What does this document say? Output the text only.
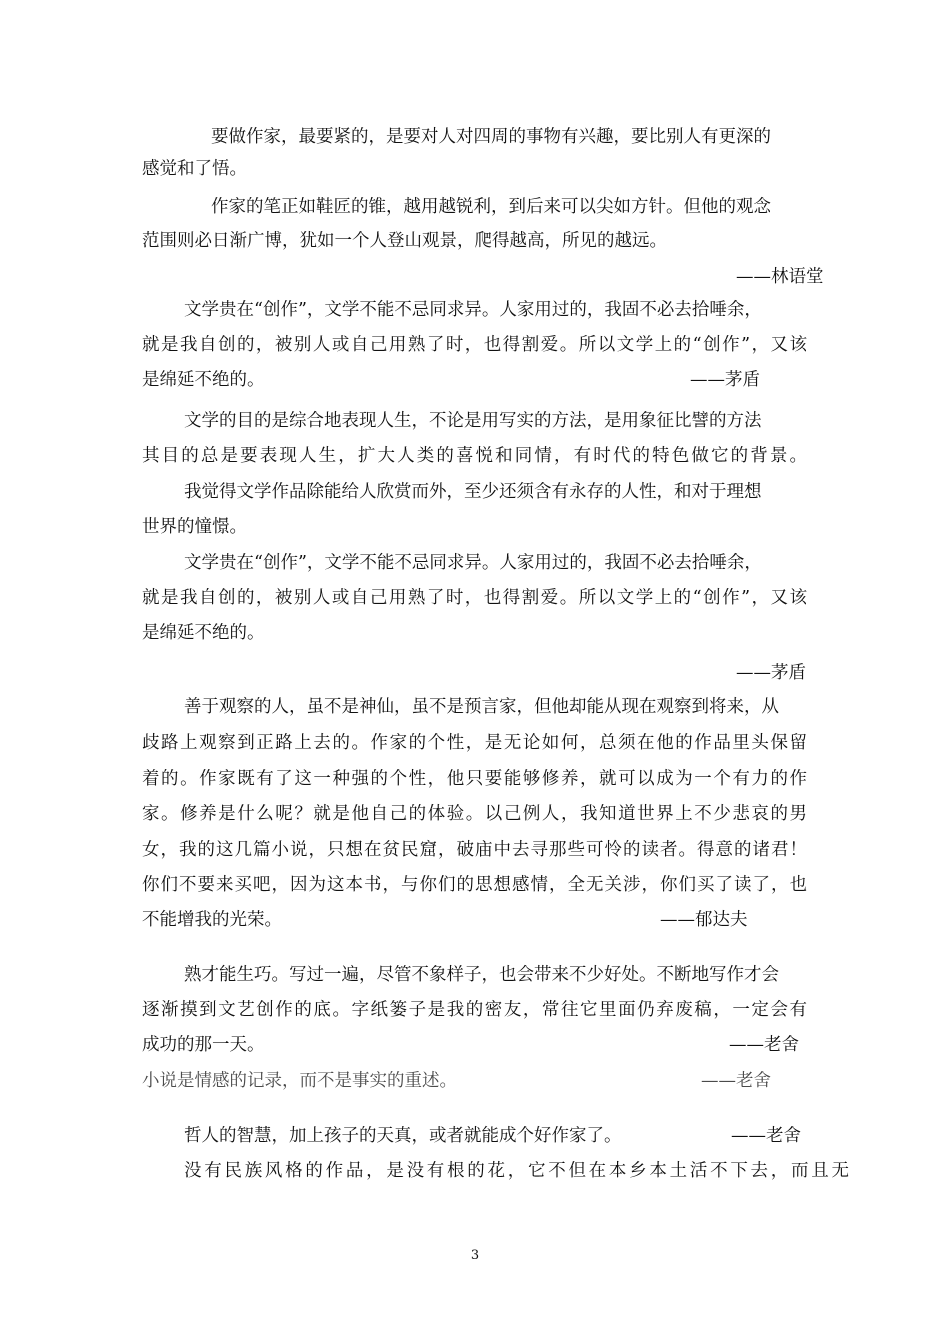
要做作家，最要紧的，是要对人对四周的事物有兴趣，要比别人有更深的
感觉和了悟。
作家的笔正如鞋匠的锥，越用越锐利，到后来可以尖如方针。但他的观念
范围则必日渐广博，犹如一个人登山观景，爬得越高，所见的越远。
——林语堂
文学贵在“创作”，文学不能不忌同求异。人家用过的，我固不必去拾唾余，
就是我自创的，被别人或自己用熟了时，也得割爱。所以文学上的“创作”，又该
是绵延不绝的。	——茅盾
文学的目的是综合地表现人生，不论是用写实的方法，是用象征比譬的方法
其目的总是要表现人生，扩大人类的喜悦和同情，有时代的特色做它的背景。
我觉得文学作品除能给人欣赏而外，至少还须含有永存的人性，和对于理想
世界的憧憬。
文学贵在“创作”，文学不能不忌同求异。人家用过的，我固不必去拾唾余，
就是我自创的，被别人或自己用熟了时，也得割爱。所以文学上的“创作”，又该
是绵延不绝的。
——茅盾
善于观察的人，虽不是神仙，虽不是预言家，但他却能从现在观察到将来，从
歧路上观察到正路上去的。作家的个性，是无论如何，总须在他的作品里头保留
着的。作家既有了这一种强的个性，他只要能够修养，就可以成为一个有力的作
家。修养是什么呢？就是他自己的体验。以己例人，我知道世界上不少悲哀的男
女，我的这几篇小说，只想在贫民窟，破庙中去寻那些可怜的读者。得意的诸君！
你们不要来买吧，因为这本书，与你们的思想感情，全无关涉，你们买了读了，也
不能增我的光荣。	——郁达夫
熟才能生巧。写过一遍，尽管不象样子，也会带来不少好处。不断地写作才会
逐渐摸到文艺创作的底。字纸篓子是我的密友，常往它里面仍弃废稿，一定会有
成功的那一天。	——老舍
小说是情感的记录，而不是事实的重述。	——老舍
哲人的智慧，加上孩子的天真，或者就能成个好作家了。	——老舍
没有民族风格的作品，是没有根的花，它不但在本乡本土活不下去，而且无
3
